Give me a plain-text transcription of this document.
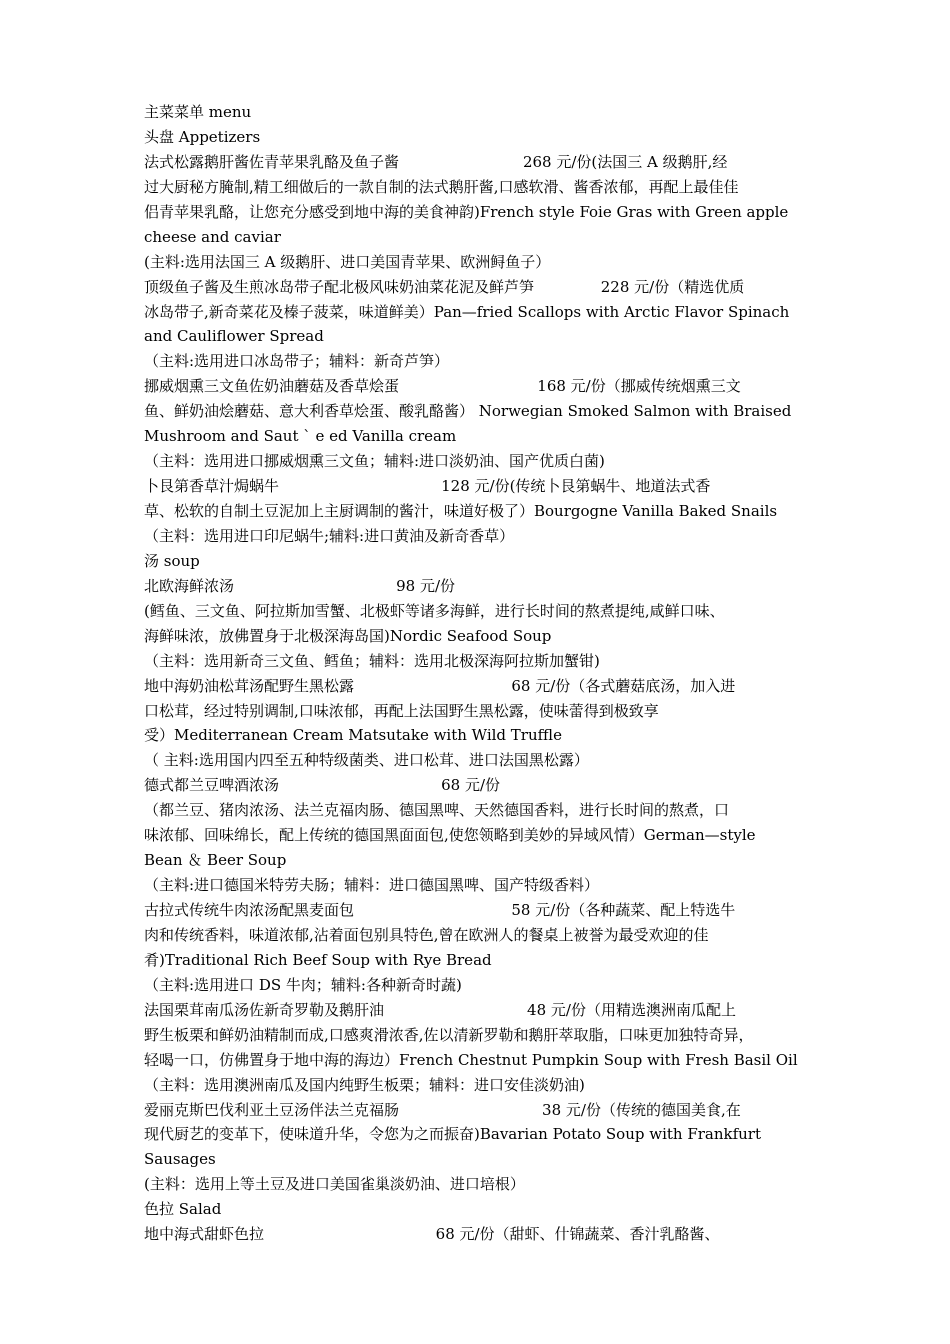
主菜菜单 menu
头盘 Appetizers
法式松露鹅肝酱佐青苹果乳酪及鱼子酱                          268 元/份(法国三 A 级鹅肝,经
过大厨秘方腌制,精工细做后的一款自制的法式鹅肝酱,口感软滑、酱香浓郁，再配上最佳佳
侣青苹果乳酪，让您充分感受到地中海的美食神韵)French style Foie Gras with Green apple
cheese and caviar
(主料:选用法国三 A 级鹅肝、进口美国青苹果、欧洲鲟鱼子）
顶级鱼子酱及生煎冰岛带子配北极风味奶油菜花泥及鲜芦笋              228 元/份（精选优质
冰岛带子,新奇菜花及榛子菠菜，味道鲜美）Pan—fried Scallops with Arctic Flavor Spinach
and Cauliflower Spread
（主料:选用进口冰岛带子；辅料：新奇芦笋）
挪威烟熏三文鱼佐奶油蘑菇及香草烩蛋                             168 元/份（挪威传统烟熏三文
鱼、鲜奶油烩蘑菇、意大利香草烩蛋、酸乳酪酱） Norwegian Smoked Salmon with Braised
Mushroom and Saut ` e ed Vanilla cream
（主料：选用进口挪威烟熏三文鱼；辅料:进口淡奶油、国产优质白菌)
卜艮第香草汁焗蜗牛                                  128 元/份(传统卜艮第蜗牛、地道法式香
草、松软的自制土豆泥加上主厨调制的酱汁，味道好极了）Bourgogne Vanilla Baked Snails
（主料：选用进口印尼蜗牛;辅料:进口黄油及新奇香草）
汤 soup
北欧海鲜浓汤                                  98 元/份
(鳕鱼、三文鱼、阿拉斯加雪蟹、北极虾等诸多海鲜，进行长时间的熬煮提纯,咸鲜口味、
海鲜味浓，放佛置身于北极深海岛国)Nordic Seafood Soup
（主料：选用新奇三文鱼、鳕鱼；辅料：选用北极深海阿拉斯加蟹钳)
地中海奶油松茸汤配野生黑松露                                 68 元/份（各式蘑菇底汤，加入进
口松茸，经过特别调制,口味浓郁，再配上法国野生黑松露，使味蕾得到极致享
受）Mediterranean Cream Matsutake with Wild Truffle
（ 主料:选用国内四至五种特级菌类、进口松茸、进口法国黑松露）
德式都兰豆啤酒浓汤                                  68 元/份
（都兰豆、猪肉浓汤、法兰克福肉肠、德国黑啤、天然德国香料，进行长时间的熬煮，口
味浓郁、回味绵长，配上传统的德国黑面面包,使您领略到美妙的异域风情）German—style
Bean ＆ Beer Soup
（主料:进口德国米特劳夫肠；辅料：进口德国黑啤、国产特级香料）
古拉式传统牛肉浓汤配黑麦面包                                 58 元/份（各种蔬菜、配上特选牛
肉和传统香料，味道浓郁,沾着面包别具特色,曾在欧洲人的餐桌上被誉为最受欢迎的佳
肴)Traditional Rich Beef Soup with Rye Bread
（主料:选用进口 DS 牛肉；辅料:各种新奇时蔬)
法国栗茸南瓜汤佐新奇罗勒及鹅肝油                              48 元/份（用精选澳洲南瓜配上
野生板栗和鲜奶油精制而成,口感爽滑浓香,佐以清新罗勒和鹅肝萃取脂，口味更加独特奇异，
轻喝一口，仿佛置身于地中海的海边）French Chestnut Pumpkin Soup with Fresh Basil Oil
（主料：选用澳洲南瓜及国内纯野生板栗；辅料：进口安佳淡奶油)
爱丽克斯巴伐利亚土豆汤伴法兰克福肠                              38 元/份（传统的德国美食,在
现代厨艺的变革下，使味道升华，令您为之而振奋)Bavarian Potato Soup with Frankfurt
Sausages
(主料：选用上等土豆及进口美国雀巢淡奶油、进口培根）
色拉 Salad
地中海式甜虾色拉                                    68 元/份（甜虾、什锦蔬菜、香汁乳酪酱、
